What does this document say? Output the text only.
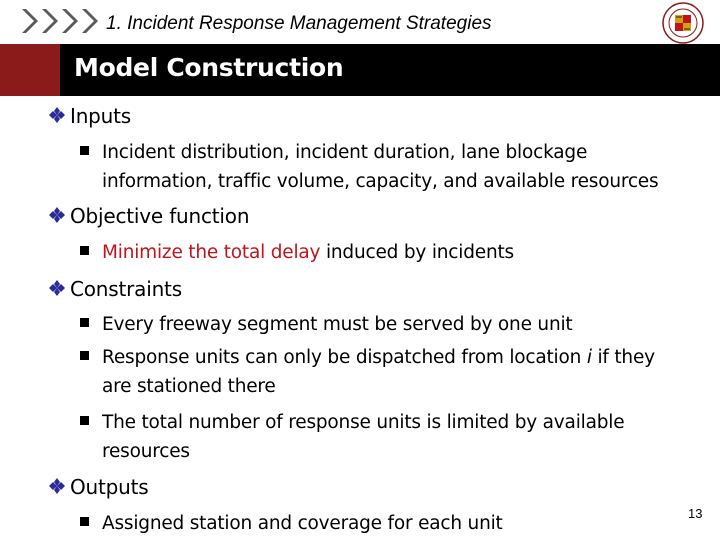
1. Incident Response Management Strategies
Model Construction
Inputs
Incident distribution, incident duration, lane blockage
information, traffic volume, capacity, and available resources
Objective function
Minimize the total delay induced by incidents
Constraints
Every freeway segment must be served by one unit
Response units can only be dispatched from location i if they
are stationed there
The total number of response units is limited by available
resources
Outputs
Assigned station and coverage for each unit	13
